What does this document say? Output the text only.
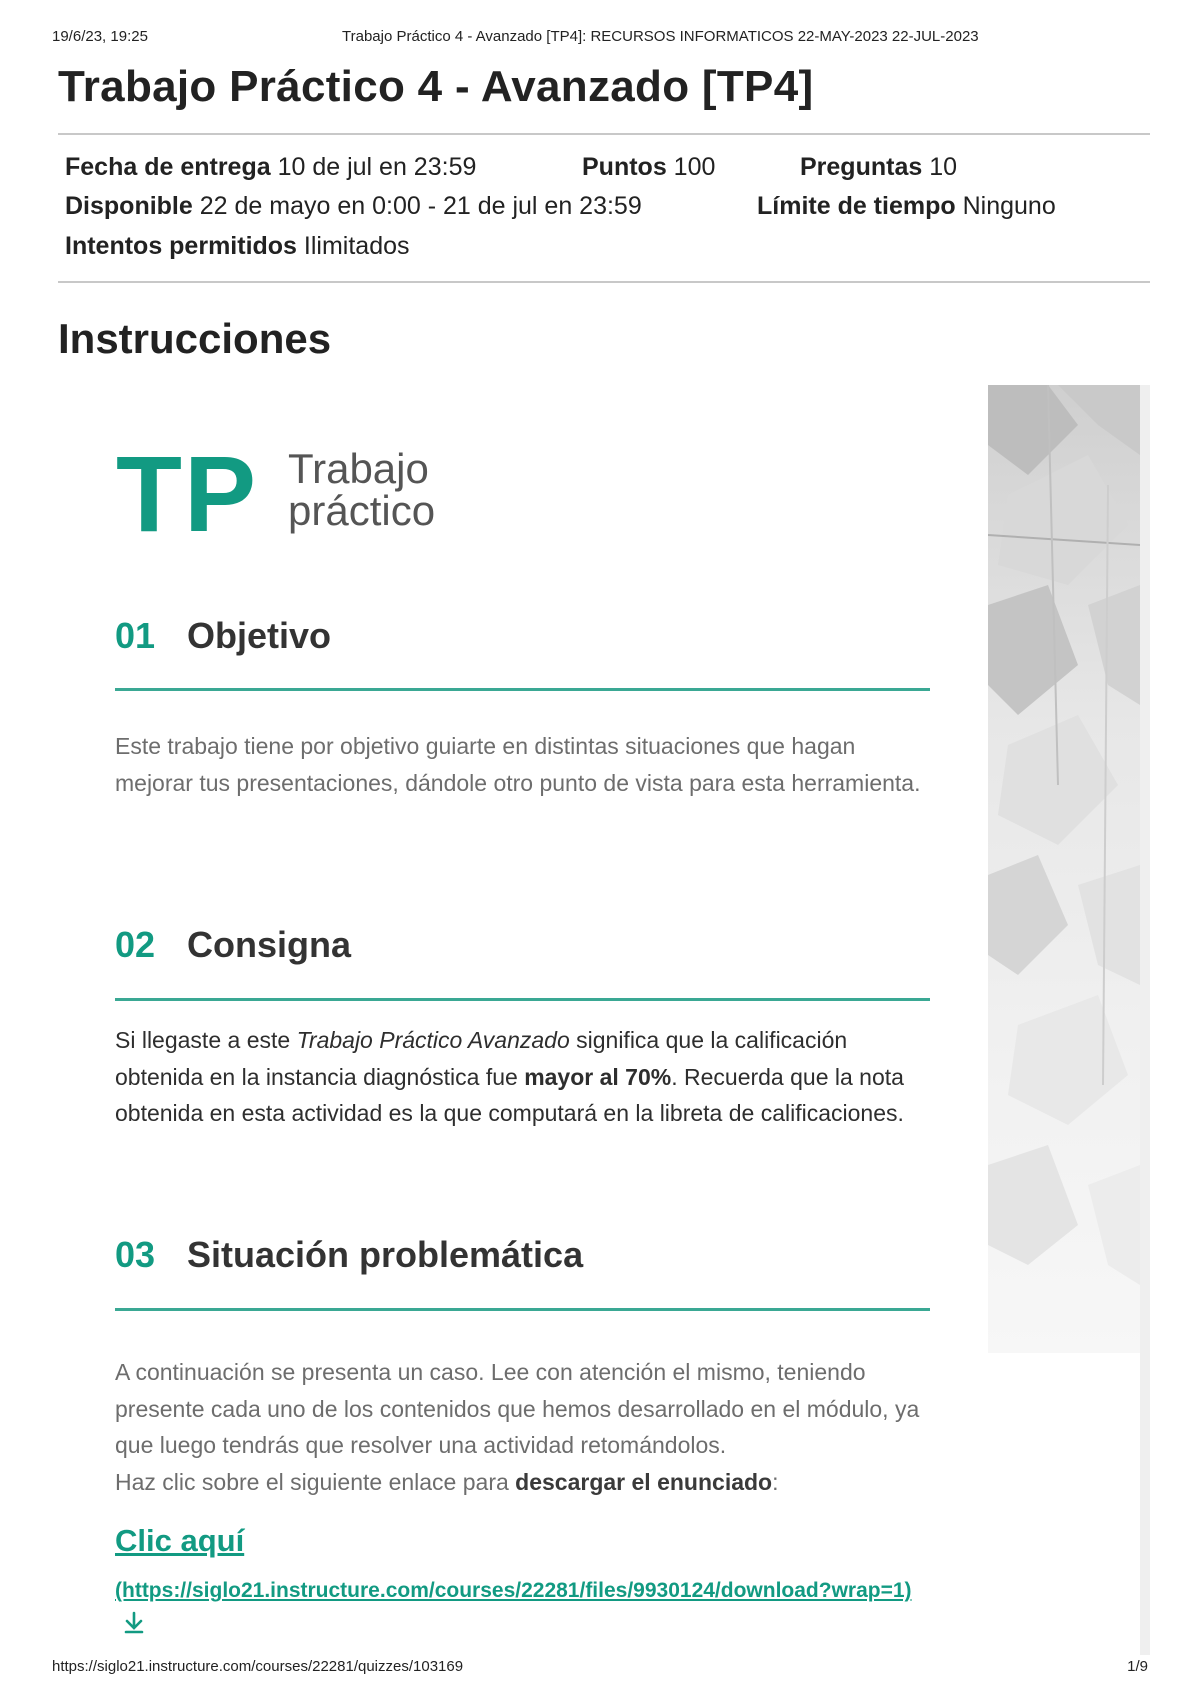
19/6/23, 19:25	Trabajo Práctico 4 - Avanzado [TP4]: RECURSOS INFORMATICOS 22-MAY-2023 22-JUL-2023
Trabajo Práctico 4 - Avanzado [TP4]
Fecha de entrega 10 de jul en 23:59	Puntos 100	Preguntas 10
Disponible 22 de mayo en 0:00 - 21 de jul en 23:59	Límite de tiempo Ninguno
Intentos permitidos Ilimitados
Instrucciones
TP Trabajo
práctico
01 Objetivo
Este trabajo tiene por objetivo guiarte en distintas situaciones que hagan mejorar tus presentaciones, dándole otro punto de vista para esta herramienta.
02 Consigna
Si llegaste a este Trabajo Práctico Avanzado significa que la calificación obtenida en la instancia diagnóstica fue mayor al 70%. Recuerda que la nota obtenida en esta actividad es la que computará en la libreta de calificaciones.
03 Situación problemática
A continuación se presenta un caso. Lee con atención el mismo, teniendo presente cada uno de los contenidos que hemos desarrollado en el módulo, ya que luego tendrás que resolver una actividad retomándolos.
Haz clic sobre el siguiente enlace para descargar el enunciado:
Clic aquí
(https://siglo21.instructure.com/courses/22281/files/9930124/download?wrap=1)
https://siglo21.instructure.com/courses/22281/quizzes/103169	1/9
